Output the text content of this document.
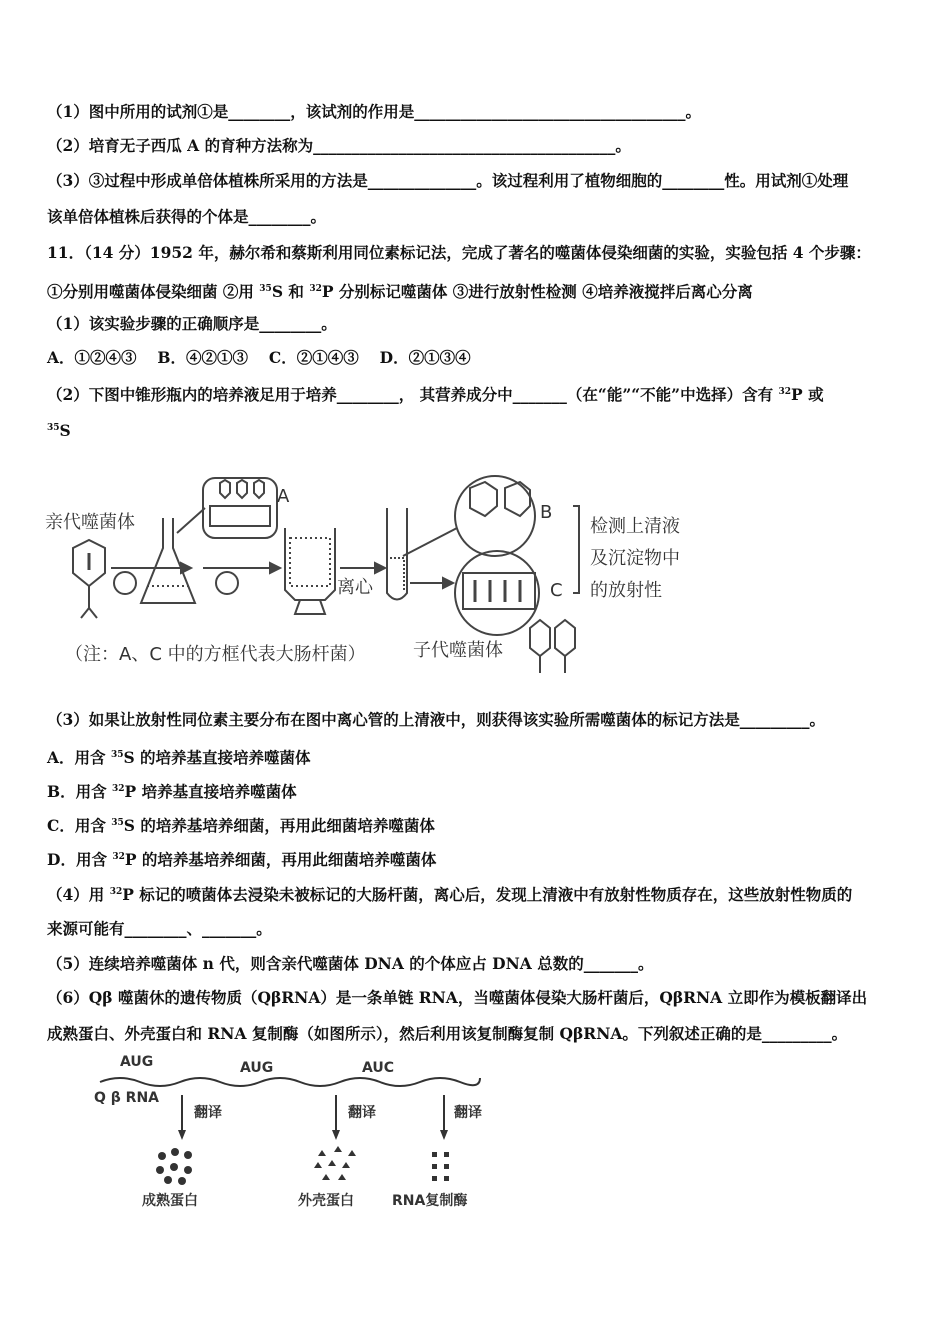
（1）图中所用的试剂①是________，该试剂的作用是___________________________________。
（2）培育无子西瓜 A 的育种方法称为_______________________________________。
（3）③过程中形成单倍体植株所采用的方法是______________。该过程利用了植物细胞的________性。用试剂①处理
该单倍体植株后获得的个体是________。
11．（14 分）1952 年，赫尔希和蔡斯利用同位素标记法，完成了著名的噬菌体侵染细菌的实验，实验包括 4 个步骤：
①分别用噬菌体侵染细菌 ②用 $^{35}$S 和 $^{32}$P 分别标记噬菌体 ③进行放射性检测 ④培养液搅拌后离心分离
（1）该实验步骤的正确顺序是________。
A．①②④③　 B．④②①③　 C．②①④③　 D．②①③④
（2）下图中锥形瓶内的培养液足用于培养________， 其营养成分中_______（在“能”“不能”中选择）含有 $^{32}$P 或
$^{35}$S
亲代噬菌体
A
离心
B
C
检测上清液
及沉淀物中
的放射性
（注：A、C 中的方框代表大肠杆菌）	子代噬菌体
（3）如果让放射性同位素主要分布在图中离心管的上清液中，则获得该实验所需噬菌体的标记方法是_________。
A．用含 $^{35}$S 的培养基直接培养噬菌体
B．用含 $^{32}$P 培养基直接培养噬菌体
C．用含 $^{35}$S 的培养基培养细菌，再用此细菌培养噬菌体
D．用含 $^{32}$P 的培养基培养细菌，再用此细菌培养噬菌体
（4）用 $^{32}$P 标记的喷菌体去浸染未被标记的大肠杆菌，离心后，发现上清液中有放射性物质存在，这些放射性物质的
来源可能有________、_______。
（5）连续培养噬菌体 n 代，则含亲代噬菌体 DNA 的个体应占 DNA 总数的_______。
（6）Qβ 噬菌休的遗传物质（QβRNA）是一条单链 RNA，当噬菌体侵染大肠杆菌后，QβRNA 立即作为模板翻译出
成熟蛋白、外壳蛋白和 RNA 复制酶（如图所示），然后利用该复制酶复制 QβRNA。下列叙述正确的是_________。
AUG	AUG	AUC
Q β RNA
翻译	翻译	翻译
成熟蛋白	外壳蛋白	RNA复制酶
